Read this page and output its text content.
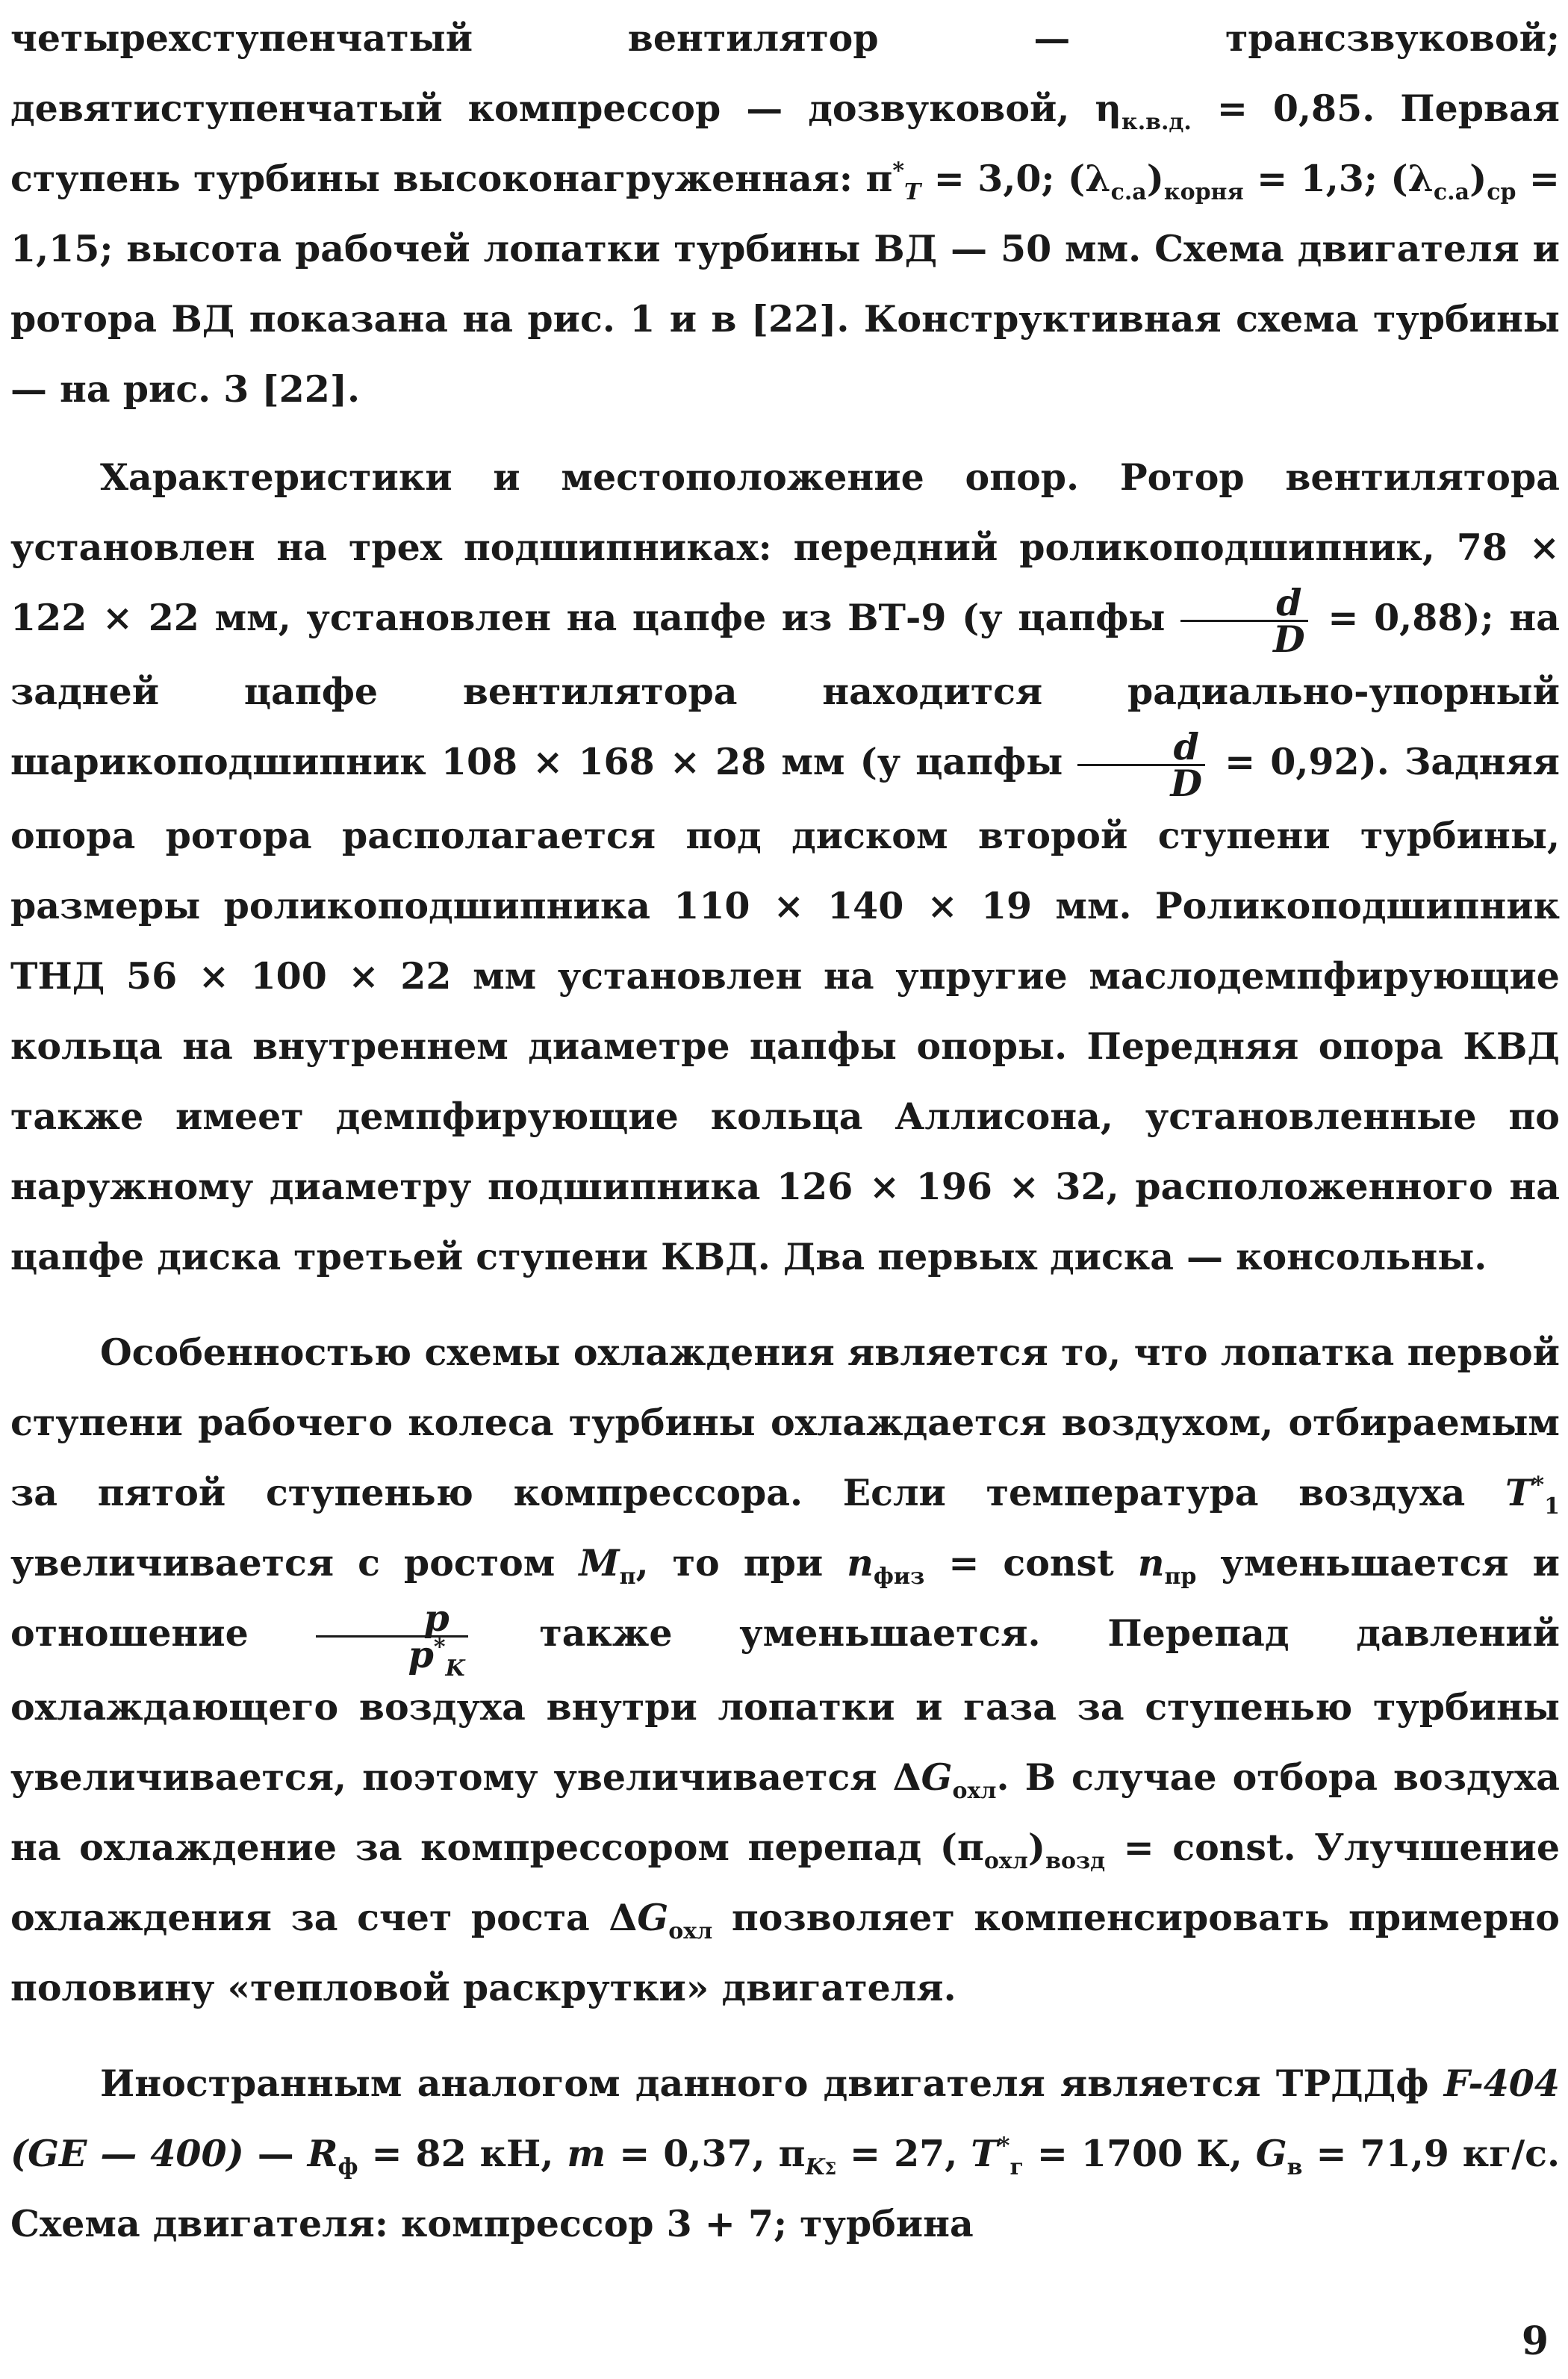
четырехступенчатый вентилятор — трансзвуковой; девятиступенчатый компрессор — дозвуковой, $\eta_{к.в.д.} = 0,85$. Первая ступень турбины высоконагруженная: $\pi^*_T = 3,0$; $(\lambda_{с.а})_{корня} = 1,3$; $(\lambda_{с.а})_{ср} = 1,15$; высота рабочей лопатки турбины ВД — 50 мм. Схема двигателя и ротора ВД показана на рис. 1 и в [22]. Конструктивная схема турбины — на рис. 3 [22].

Характеристики и местоположение опор. Ротор вентилятора установлен на трех подшипниках: передний роликоподшипник, 78 × 122 × 22 мм, установлен на цапфе из ВТ-9 (у цапфы $\frac{d}{D} = 0,88$); на задней цапфе вентилятора находится радиально-упорный шарикоподшипник 108 × 168 × 28 мм (у цапфы $\frac{d}{D} = 0,92$). Задняя опора ротора располагается под диском второй ступени турбины, размеры роликоподшипника 110 × 140 × 19 мм. Роликоподшипник ТНД 56 × 100 × 22 мм установлен на упругие маслодемпфирующие кольца на внутреннем диаметре цапфы опоры. Передняя опора КВД также имеет демпфирующие кольца Аллисона, установленные по наружному диаметру подшипника 126 × 196 × 32, расположенного на цапфе диска третьей ступени КВД. Два первых диска — консольны.

Особенностью схемы охлаждения является то, что лопатка первой ступени рабочего колеса турбины охлаждается воздухом, отбираемым за пятой ступенью компрессора. Если температура воздуха $T^*_1$ увеличивается с ростом $M_п$, то при $n_{физ}$ = const $n_{пр}$ уменьшается и отношение $\frac{p}{p^*_K}$ также уменьшается. Перепад давлений охлаждающего воздуха внутри лопатки и газа за ступенью турбины увеличивается, поэтому увеличивается $\Delta G_{охл}$. В случае отбора воздуха на охлаждение за компрессором перепад $(\pi_{охл})_{возд}$ = const. Улучшение охлаждения за счет роста $\Delta G_{охл}$ позволяет компенсировать примерно половину «тепловой раскрутки» двигателя.

Иностранным аналогом данного двигателя является ТРДДф F-404 (GE — 400) — $R_ф = 82$ кН, m = 0,37, $\pi_{K\Sigma} = 27$, $T^*_г = 1700$ К, $G_в = 71,9$ кг/с. Схема двигателя: компрессор 3 + 7; турбина

9
